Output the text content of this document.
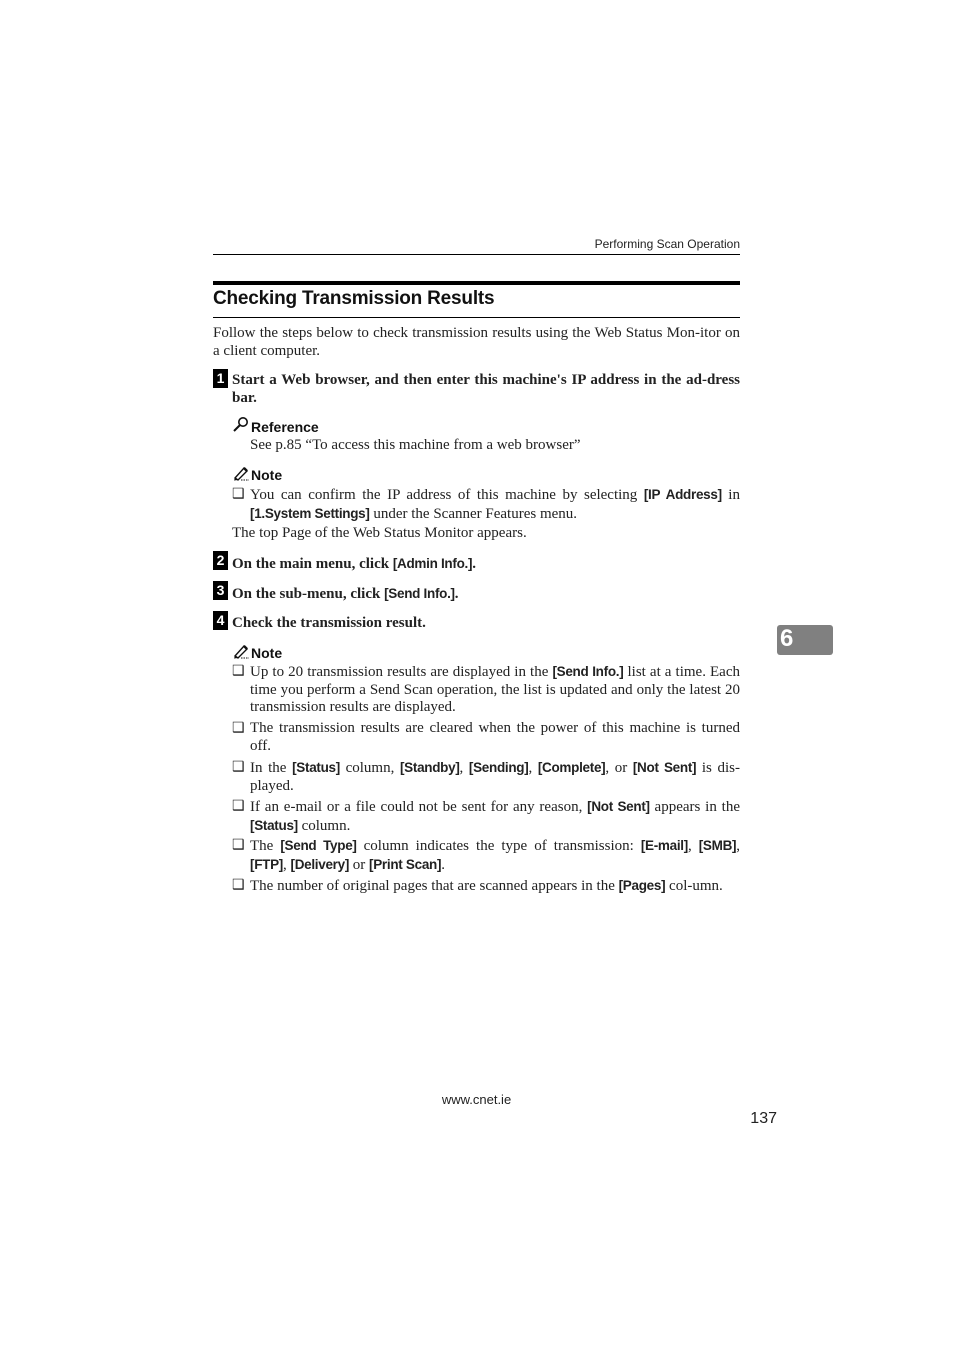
Performing Scan Operation
Checking Transmission Results
Follow the steps below to check transmission results using the Web Status Mon-itor on a client computer.
1 Start a Web browser, and then enter this machine's IP address in the ad-dress bar.
Reference
See p.85 “To access this machine from a web browser”
Note
❑ You can confirm the IP address of this machine by selecting [IP Address] in [1.System Settings] under the Scanner Features menu.
The top Page of the Web Status Monitor appears.
2 On the main menu, click [Admin Info.].
3 On the sub-menu, click [Send Info.].
4 Check the transmission result.
Note
❑ Up to 20 transmission results are displayed in the [Send Info.] list at a time. Each time you perform a Send Scan operation, the list is updated and only the latest 20 transmission results are displayed.
❑ The transmission results are cleared when the power of this machine is turned off.
❑ In the [Status] column, [Standby], [Sending], [Complete], or [Not Sent] is dis-played.
❑ If an e-mail or a file could not be sent for any reason, [Not Sent] appears in the [Status] column.
❑ The [Send Type] column indicates the type of transmission: [E-mail], [SMB], [FTP], [Delivery] or [Print Scan].
❑ The number of original pages that are scanned appears in the [Pages] col-umn.
6
www.cnet.ie
137
